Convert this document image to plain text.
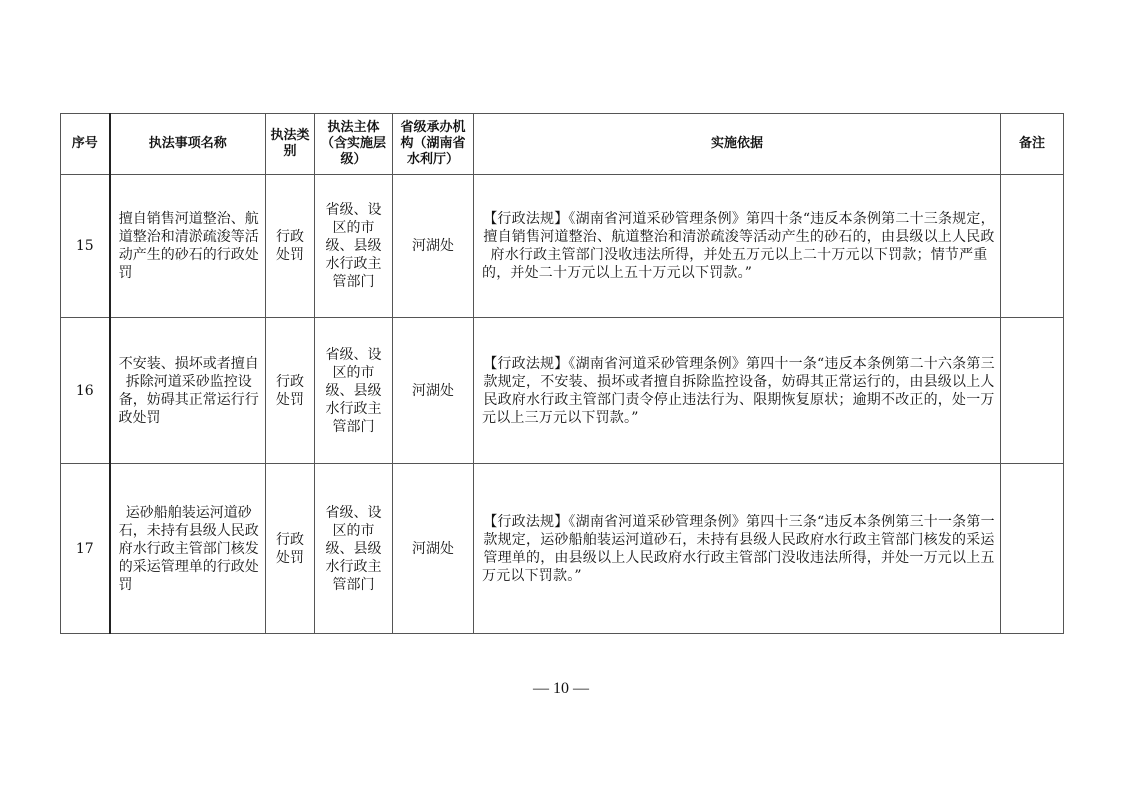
序号	执法事项名称	执法类别	执法主体（含实施层级）	省级承办机构（湖南省水利厅）	实施依据	备注
15	擅自销售河道整治、航道整治和清淤疏浚等活动产生的砂石的行政处罚	行政处罚	省级、设区的市级、县级水行政主管部门	河湖处	【行政法规】《湖南省河道采砂管理条例》第四十条“违反本条例第二十三条规定，擅自销售河道整治、航道整治和清淤疏浚等活动产生的砂石的，由县级以上人民政府水行政主管部门没收违法所得，并处五万元以上二十万元以下罚款；情节严重的，并处二十万元以上五十万元以下罚款。”	
16	不安装、损坏或者擅自拆除河道采砂监控设备，妨碍其正常运行行政处罚	行政处罚	省级、设区的市级、县级水行政主管部门	河湖处	【行政法规】《湖南省河道采砂管理条例》第四十一条“违反本条例第二十六条第三款规定，不安装、损坏或者擅自拆除监控设备，妨碍其正常运行的，由县级以上人民政府水行政主管部门责令停止违法行为、限期恢复原状；逾期不改正的，处一万元以上三万元以下罚款。”	
17	运砂船舶装运河道砂石，未持有县级人民政府水行政主管部门核发 的采运管理单的行政处罚	行政处罚	省级、设区的市级、县级水行政主管部门	河湖处	【行政法规】《湖南省河道采砂管理条例》第四十三条“违反本条例第三十一条第一款规定，运砂船舶装运河道砂石，未持有县级人民政府水行政主管部门核发的采运管理单的，由县级以上人民政府水行政主管部门没收违法所得，并处一万元以上五万元以下罚款。”	
— 10 —
